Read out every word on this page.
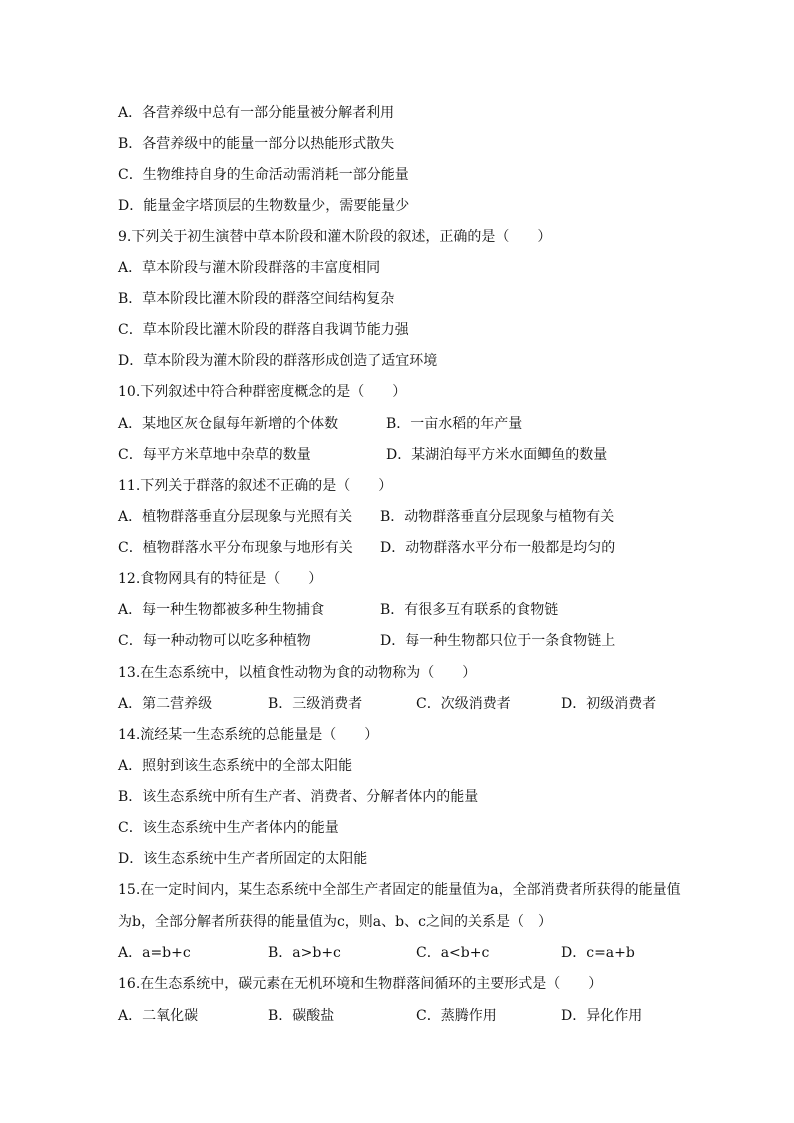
A．各营养级中总有一部分能量被分解者利用
B．各营养级中的能量一部分以热能形式散失
C．生物维持自身的生命活动需消耗一部分能量
D．能量金字塔顶层的生物数量少，需要能量少
9.下列关于初生演替中草本阶段和灌木阶段的叙述，正确的是（　　）
A．草本阶段与灌木阶段群落的丰富度相同
B．草本阶段比灌木阶段的群落空间结构复杂
C．草本阶段比灌木阶段的群落自我调节能力强
D．草本阶段为灌木阶段的群落形成创造了适宜环境
10.下列叙述中符合种群密度概念的是（　　）
A．某地区灰仓鼠每年新增的个体数	B．一亩水稻的年产量
C．每平方米草地中杂草的数量	D．某湖泊每平方米水面鲫鱼的数量
11.下列关于群落的叙述不正确的是（　　）
A．植物群落垂直分层现象与光照有关 B．动物群落垂直分层现象与植物有关
C．植物群落水平分布现象与地形有关 D．动物群落水平分布一般都是均匀的
12.食物网具有的特征是（　　）
A．每一种生物都被多种生物捕食	B．有很多互有联系的食物链
C．每一种动物可以吃多种植物	D．每一种生物都只位于一条食物链上
13.在生态系统中，以植食性动物为食的动物称为（　　）
A．第二营养级	B．三级消费者	C．次级消费者	D．初级消费者
14.流经某一生态系统的总能量是（　　）
A．照射到该生态系统中的全部太阳能
B．该生态系统中所有生产者、消费者、分解者体内的能量
C．该生态系统中生产者体内的能量
D．该生态系统中生产者所固定的太阳能
15.在一定时间内，某生态系统中全部生产者固定的能量值为a，全部消费者所获得的能量值
为b，全部分解者所获得的能量值为c，则a、b、c之间的关系是（　）
A．a=b+c	B．a>b+c	C．a<b+c	D．c=a+b
16.在生态系统中，碳元素在无机环境和生物群落间循环的主要形式是（　　）
A．二氧化碳	B．碳酸盐	C．蒸腾作用	D．异化作用
